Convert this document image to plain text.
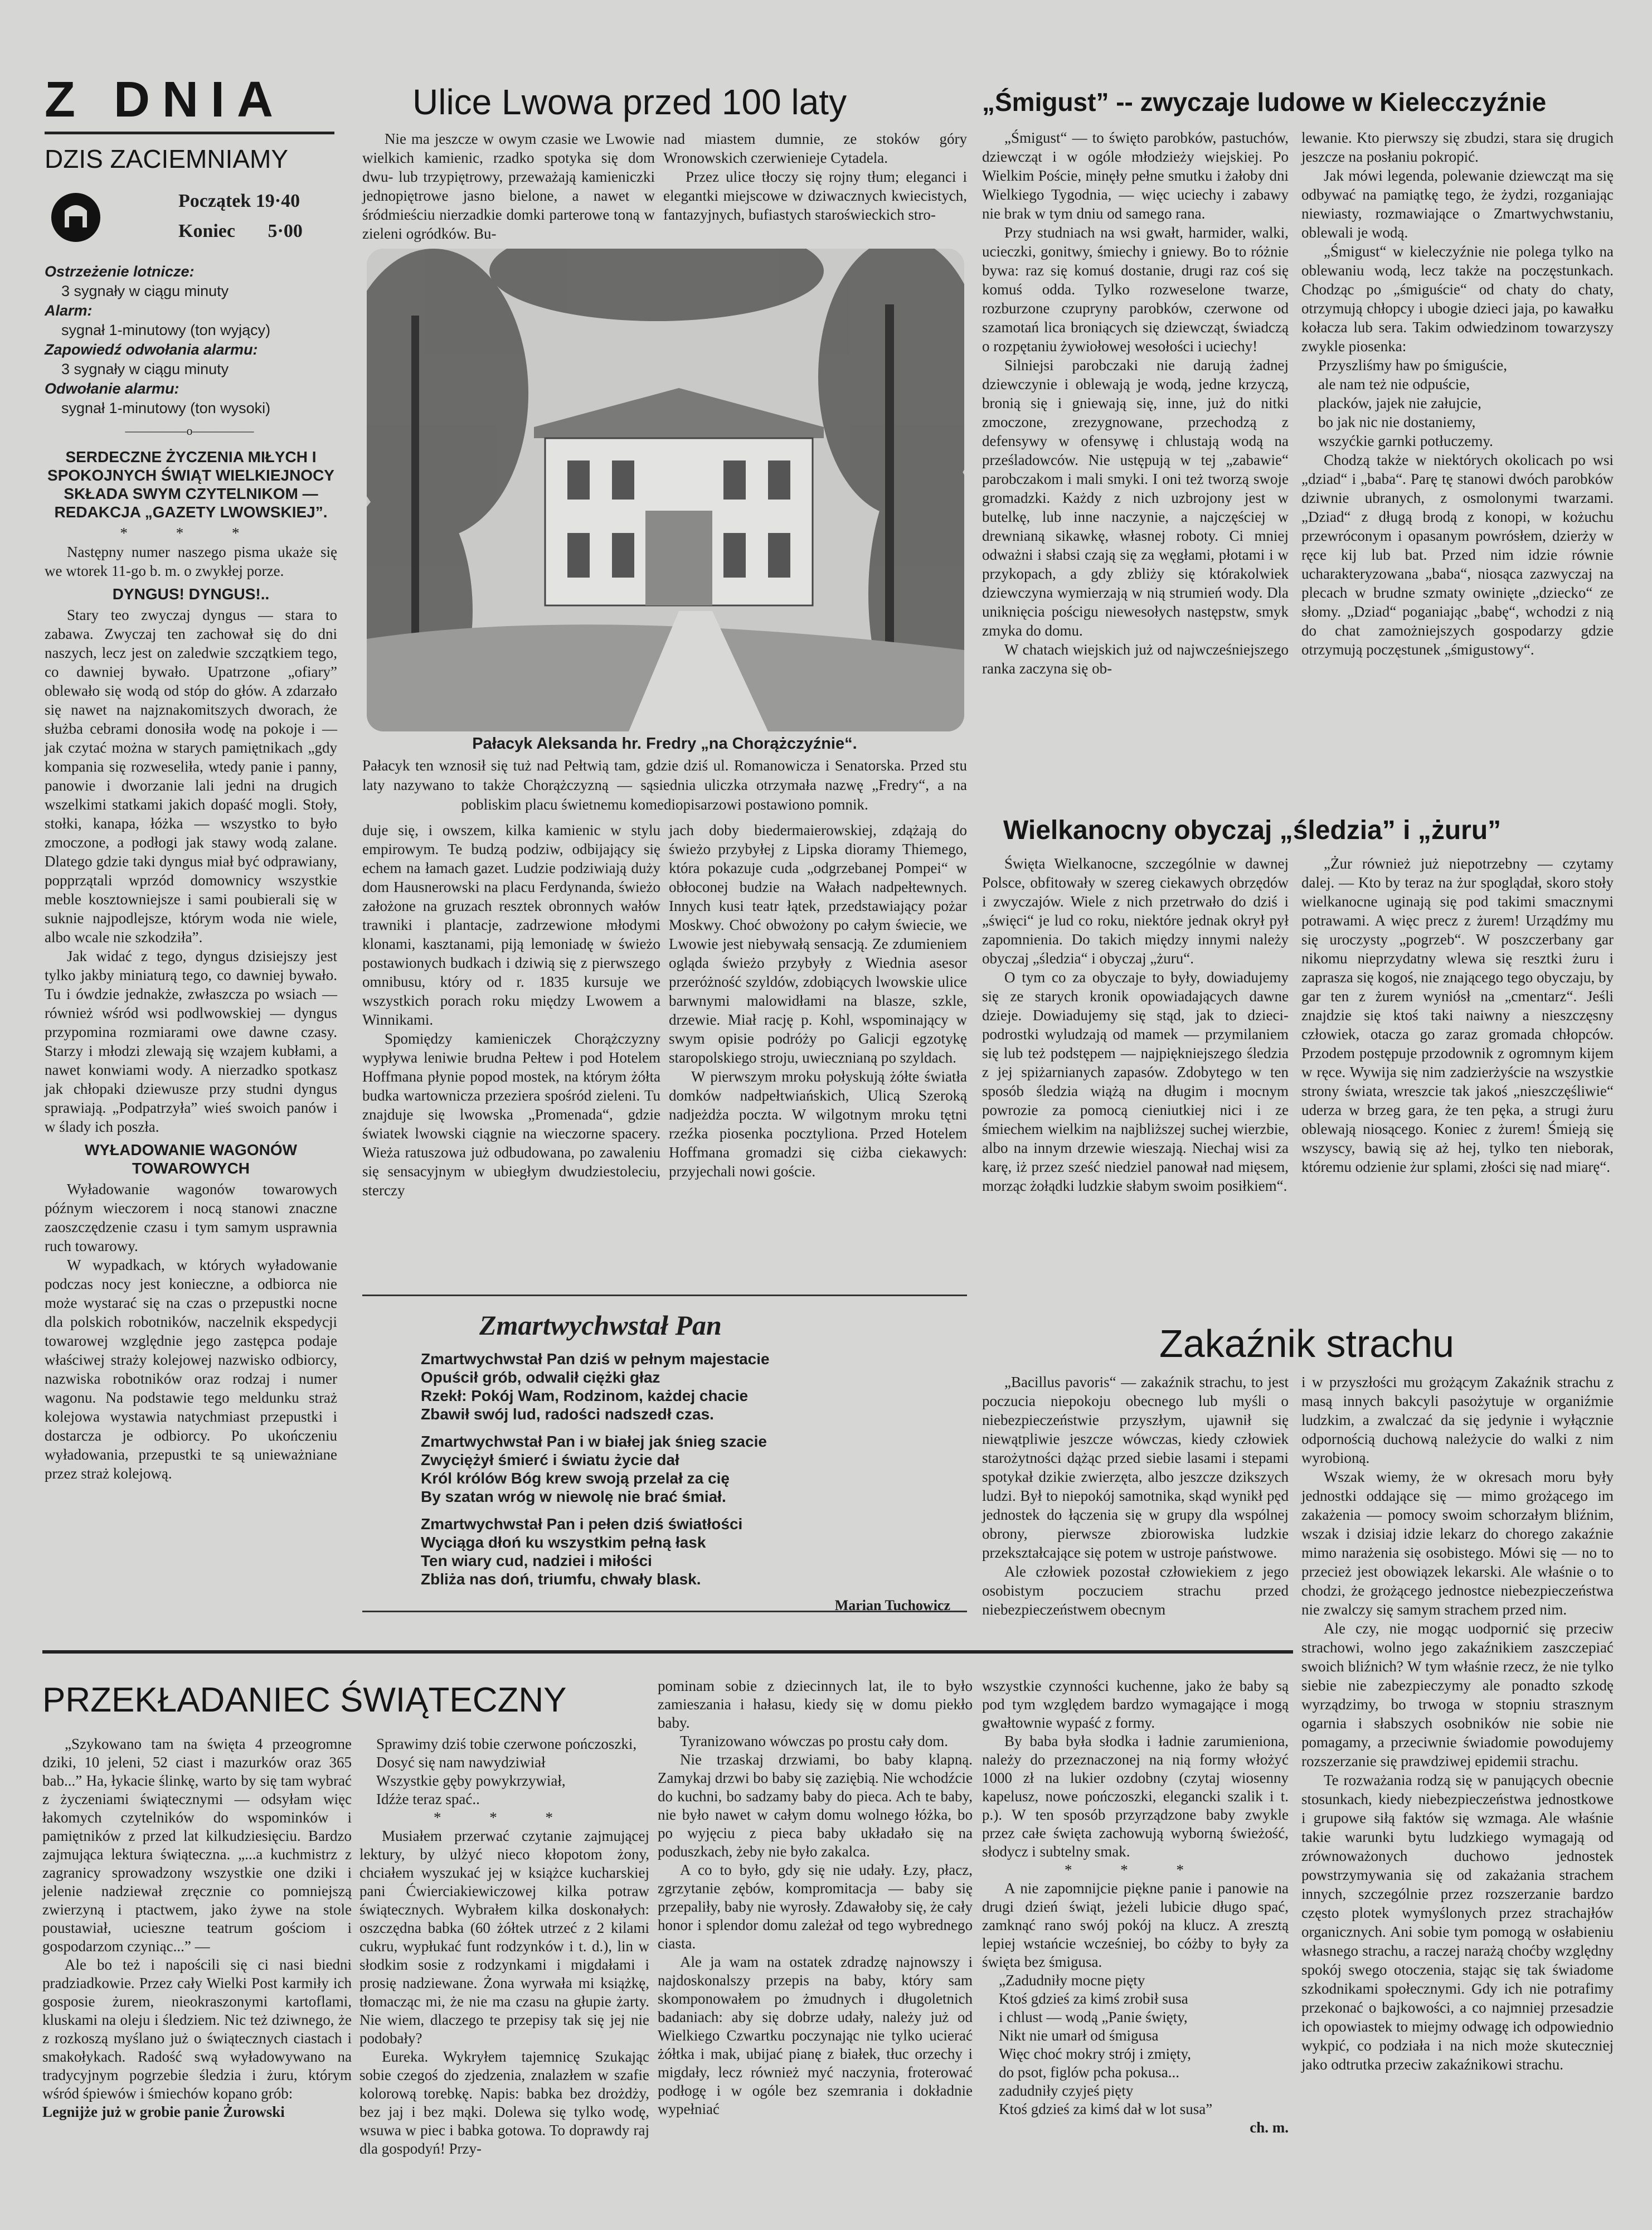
Z DNIA
DZIS ZACIEMNIAMY
Początek 19·40
Koniec 5·00
Ostrzeżenie lotnicze:
3 sygnały w ciągu minuty
Alarm:
sygnał 1-minutowy (ton wyjący)
Zapowiedź odwołania alarmu:
3 sygnały w ciągu minuty
Odwołanie alarmu:
sygnał 1-minutowy (ton wysoki)
—————o—————

SERDECZNE ŻYCZENIA MIŁYCH I SPOKOJNYCH ŚWIĄT WIELKIEJNOCY SKŁADA SWYM CZYTELNIKOM — REDAKCJA „GAZETY LWOWSKIEJ”.

* * *

Następny numer naszego pisma ukaże się we wtorek 11-go b. m. o zwykłej porze.

DYNGUS! DYNGUS!..

Stary teo zwyczaj dyngus — stara to zabawa. Zwyczaj ten zachował się do dni naszych, lecz jest on zaledwie szczątkiem tego, co dawniej bywało. Upatrzone „ofiary” oblewało się wodą od stóp do głów. A zdarzało się nawet na najznakomitszych dworach, że służba cebrami donosiła wodę na pokoje i — jak czytać można w starych pamiętnikach „gdy kompania się rozweseliła, wtedy panie i panny, panowie i dworzanie lali jedni na drugich wszelkimi statkami jakich dopaść mogli. Stoły, stołki, kanapa, łóżka — wszystko to było zmoczone, a podłogi jak stawy wodą zalane. Dlatego gdzie taki dyngus miał być odprawiany, popprzątali wprzód domownicy wszystkie meble kosztowniejsze i sami poubierali się w suknie najpodlejsze, którym woda nie wiele, albo wcale nie szkodziła”.

Jak widać z tego, dyngus dzisiejszy jest tylko jakby miniaturą tego, co dawniej bywało. Tu i ówdzie jednakże, zwłaszcza po wsiach — również wśród wsi podlwowskiej — dyngus przypomina rozmiarami owe dawne czasy. Starzy i młodzi zlewają się wzajem kubłami, a nawet konwiami wody. A nierzadko spotkasz jak chłopaki dziewusze przy studni dyngus sprawiają. „Podpatrzyła” wieś swoich panów i w ślady ich poszła.

WYŁADOWANIE WAGONÓW TOWAROWYCH

Wyładowanie wagonów towarowych późnym wieczorem i nocą stanowi znaczne zaoszczędzenie czasu i tym samym usprawnia ruch towarowy.

W wypadkach, w których wyładowanie podczas nocy jest konieczne, a odbiorca nie może wystarać się na czas o przepustki nocne dla polskich robotników, naczelnik ekspedycji towarowej względnie jego zastępca podaje właściwej straży kolejowej nazwisko odbiorcy, nazwiska robotników oraz rodzaj i numer wagonu. Na podstawie tego meldunku straż kolejowa wystawia natychmiast przepustki i dostarcza je odbiorcy. Po ukończeniu wyładowania, przepustki te są unieważniane przez straż kolejową.

Ulice Lwowa przed 100 laty

Nie ma jeszcze w owym czasie we Lwowie wielkich kamienic, rzadko spotyka się dom dwu- lub trzypiętrowy, przeważają kamieniczki jednopiętrowe jasno bielone, a nawet w śródmieściu nierzadkie domki parterowe toną w zieleni ogródków. Bu-

nad miastem dumnie, ze stoków góry Wronowskich czerwienieje Cytadela.

Przez ulice tłoczy się rojny tłum; eleganci i elegantki miejscowe w dziwacznych kwiecistych, fantazyjnych, bufiastych staroświeckich stro-

Pałacyk Aleksanda hr. Fredry „na Chorążczyźnie“.
Pałacyk ten wznosił się tuż nad Pełtwią tam, gdzie dziś ul. Romanowicza i Senatorska. Przed stu laty nazywano to także Chorążczyzną — sąsiednia uliczka otrzymała nazwę „Fredry“, a na pobliskim placu świetnemu komediopisarzowi postawiono pomnik.

duje się, i owszem, kilka kamienic w stylu empirowym. Te budzą podziw, odbijający się echem na łamach gazet. Ludzie podziwiają duży dom Hausnerowski na placu Ferdynanda, świeżo założone na gruzach resztek obronnych wałów trawniki i plantacje, zadrzewione młodymi klonami, kasztanami, piją lemoniadę w świeżo postawionych budkach i dziwią się z pierwszego omnibusu, który od r. 1835 kursuje we wszystkich porach roku między Lwowem a Winnikami.

Spomiędzy kamieniczek Chorążczyzny wypływa leniwie brudna Pełtew i pod Hotelem Hoffmana płynie popod mostek, na którym żółta budka wartownicza przeziera spośród zieleni. Tu znajduje się lwowska „Promenada“, gdzie światek lwowski ciągnie na wieczorne spacery. Wieża ratuszowa już odbudowana, po zawaleniu się sensacyjnym w ubiegłym dwudziestoleciu, sterczy

jach doby biedermaierowskiej, zdążają do świeżo przybyłej z Lipska dioramy Thiemego, która pokazuje cuda „odgrzebanej Pompei“ w obłoconej budzie na Wałach nadpełtewnych. Innych kusi teatr łątek, przedstawiający pożar Moskwy. Choć obwożony po całym świecie, we Lwowie jest niebywałą sensacją. Ze zdumieniem ogląda świeżo przybyły z Wiednia asesor przeróżność szyldów, zdobiących lwowskie ulice barwnymi malowidłami na blasze, szkle, drzewie. Miał rację p. Kohl, wspominający w swym opisie podróży po Galicji egzotykę staropolskiego stroju, uwiecznianą po szyldach.

W pierwszym mroku połyskują żółte światła domków nadpełtwiańskich, Ulicą Szeroką nadjeżdża poczta. W wilgotnym mroku tętni rzeźka piosenka pocztyliona. Przed Hotelem Hoffmana gromadzi się ciżba ciekawych: przyjechali nowi goście.

Zmartwychwstał Pan
Zmartwychwstał Pan dziś w pełnym majestacie
Opuścił grób, odwalił ciężki głaz
Rzekł: Pokój Wam, Rodzinom, każdej chacie
Zbawił swój lud, radości nadszedł czas.
Zmartwychwstał Pan i w białej jak śnieg szacie
Zwyciężył śmierć i światu życie dał
Król królów Bóg krew swoją przelał za cię
By szatan wróg w niewolę nie brać śmiał.
Zmartwychwstał Pan i pełen dziś światłości
Wyciąga dłoń ku wszystkim pełną łask
Ten wiary cud, nadziei i miłości
Zbliża nas doń, triumfu, chwały blask.
Marian Tuchowicz
„Śmigust” -- zwyczaje ludowe w Kielecczyźnie

„Śmigust“ — to święto parobków, pastuchów, dziewcząt i w ogóle młodzieży wiejskiej. Po Wielkim Poście, minęły pełne smutku i żałoby dni Wielkiego Tygodnia, — więc uciechy i zabawy nie brak w tym dniu od samego rana.

Przy studniach na wsi gwałt, harmider, walki, ucieczki, gonitwy, śmiechy i gniewy. Bo to różnie bywa: raz się komuś dostanie, drugi raz coś się komuś odda. Tylko rozweselone twarze, rozburzone czupryny parobków, czerwone od szamotań lica broniących się dziewcząt, świadczą o rozpętaniu żywiołowej wesołości i uciechy!

Silniejsi parobczaki nie darują żadnej dziewczynie i oblewają je wodą, jedne krzyczą, bronią się i gniewają się, inne, już do nitki zmoczone, zrezygnowane, przechodzą z defensywy w ofensywę i chlustają wodą na prześladowców. Nie ustępują w tej „zabawie“ parobczakom i mali smyki. I oni też tworzą swoje gromadzki. Każdy z nich uzbrojony jest w butelkę, lub inne naczynie, a najczęściej w drewnianą sikawkę, własnej roboty. Ci mniej odważni i słabsi czają się za węgłami, płotami i w przykopach, a gdy zbliży się którakolwiek dziewczyna wymierzają w nią strumień wody. Dla uniknięcia pościgu niewesołych następstw, smyk zmyka do domu.

W chatach wiejskich już od najwcześniejszego ranka zaczyna się ob-

lewanie. Kto pierwszy się zbudzi, stara się drugich jeszcze na posłaniu pokropić.

Jak mówi legenda, polewanie dziewcząt ma się odbywać na pamiątkę tego, że żydzi, rozganiając niewiasty, rozmawiające o Zmartwychwstaniu, oblewali je wodą.

„Śmigust“ w kieleczyźnie nie polega tylko na oblewaniu wodą, lecz także na poczęstunkach. Chodząc po „śmiguście“ od chaty do chaty, otrzymują chłopcy i ubogie dzieci jaja, po kawałku kołacza lub sera. Takim odwiedzinom towarzyszy zwykle piosenka:

Przyszliśmy haw po śmiguście,

ale nam też nie odpuście,

placków, jajek nie załujcie,

bo jak nic nie dostaniemy,

wszyćkie garnki potłuczemy.

Chodzą także w niektórych okolicach po wsi „dziad“ i „baba“. Parę tę stanowi dwóch parobków dziwnie ubranych, z osmolonymi twarzami. „Dziad“ z długą brodą z konopi, w kożuchu przewróconym i opasanym powrósłem, dzierży w ręce kij lub bat. Przed nim idzie równie ucharakteryzowana „baba“, niosąca zazwyczaj na plecach w brudne szmaty owinięte „dziecko“ ze słomy. „Dziad“ poganiając „babę“, wchodzi z nią do chat zamożniejszych gospodarzy gdzie otrzymują poczęstunek „śmigustowy“.

Wielkanocny obyczaj „śledzia” i „żuru”

Święta Wielkanocne, szczególnie w dawnej Polsce, obfitowały w szereg ciekawych obrzędów i zwyczajów. Wiele z nich przetrwało do dziś i „święci“ je lud co roku, niektóre jednak okrył pył zapomnienia. Do takich między innymi należy obyczaj „śledzia“ i obyczaj „żuru“.

O tym co za obyczaje to były, dowiadujemy się ze starych kronik opowiadających dawne dzieje. Dowiadujemy się stąd, jak to dzieci-podrostki wyludzają od mamek — przymilaniem się lub też podstępem — najpiękniejszego śledzia z jej spiżarnianych zapasów. Zdobytego w ten sposób śledzia wiążą na długim i mocnym powrozie za pomocą cieniutkiej nici i ze śmiechem wielkim na najbliższej suchej wierzbie, albo na innym drzewie wieszają. Niechaj wisi za karę, iż przez sześć niedziel panował nad mięsem, morząc żołądki ludzkie słabym swoim posiłkiem“.

„Żur również już niepotrzebny — czytamy dalej. — Kto by teraz na żur spoglądał, skoro stoły wielkanocne uginają się pod takimi smacznymi potrawami. A więc precz z żurem! Urządźmy mu się uroczysty „pogrzeb“. W poszczerbany gar nikomu nieprzydatny wlewa się resztki żuru i zaprasza się kogoś, nie znającego tego obyczaju, by gar ten z żurem wyniósł na „cmentarz“. Jeśli znajdzie się ktoś taki naiwny a nieszczęsny człowiek, otacza go zaraz gromada chłopców. Przodem postępuje przodownik z ogromnym kijem w ręce. Wywija się nim zadzierżyście na wszystkie strony świata, wreszcie tak jakoś „nieszczęśliwie“ uderza w brzeg gara, że ten pęka, a strugi żuru oblewają niosącego. Koniec z żurem! Śmieją się wszyscy, bawią się aż hej, tylko ten nieborak, któremu odzienie żur splami, złości się nad miarę“.

Zakaźnik strachu

„Bacillus pavoris“ — zakaźnik strachu, to jest poczucia niepokoju obecnego lub myśli o niebezpieczeństwie przyszłym, ujawnił się niewątpliwie jeszcze wówczas, kiedy człowiek starożytności dążąc przed siebie lasami i stepami spotykał dzikie zwierzęta, albo jeszcze dzikszych ludzi. Był to niepokój samotnika, skąd wynikł pęd jednostek do łączenia się w grupy dla wspólnej obrony, pierwsze zbiorowiska ludzkie przekształcające się potem w ustroje państwowe.

Ale człowiek pozostał człowiekiem z jego osobistym poczuciem strachu przed niebezpieczeństwem obecnym

i w przyszłości mu grożącym Zakaźnik strachu z masą innych bakcyli pasożytuje w organiźmie ludzkim, a zwalczać da się jedynie i wyłącznie odpornością duchową należycie do walki z nim wyrobioną.

Wszak wiemy, że w okresach moru były jednostki oddające się — mimo grożącego im zakażenia — pomocy swoim schorzałym bliźnim, wszak i dzisiaj idzie lekarz do chorego zakaźnie mimo narażenia się osobistego. Mówi się — no to przecież jest obowiązek lekarski. Ale właśnie o to chodzi, że grożącego jednostce niebezpieczeństwa nie zwalczy się samym strachem przed nim.

Ale czy, nie mogąc uodpornić się przeciw strachowi, wolno jego zakaźnikiem zaszczepiać swoich bliźnich? W tym właśnie rzecz, że nie tylko siebie nie zabezpieczymy ale ponadto szkodę wyrządzimy, bo trwoga w stopniu strasznym ogarnia i słabszych osobników nie sobie nie pomagamy, a przeciwnie świadomie powodujemy rozszerzanie się prawdziwej epidemii strachu.

Te rozważania rodzą się w panujących obecnie stosunkach, kiedy niebezpieczeństwa jednostkowe i grupowe siłą faktów się wzmaga. Ale właśnie takie warunki bytu ludzkiego wymagają od zrównoważonych duchowo jednostek powstrzymywania się od zakażania strachem innych, szczególnie przez rozszerzanie bardzo często plotek wymyślonych przez strachajłów organicznych. Ani sobie tym pomogą w osłabieniu własnego strachu, a raczej narażą choćby względny spokój swego otoczenia, stając się tak świadome szkodnikami społecznymi. Gdy ich nie potrafimy przekonać o bajkowości, a co najmniej przesadzie ich opowiastek to miejmy odwagę ich odpowiednio wykpić, co podziała i na nich może skuteczniej jako odtrutka przeciw zakaźnikowi strachu.

PRZEKŁADANIEC ŚWIĄTECZNY

„Szykowano tam na święta 4 przeogromne dziki, 10 jeleni, 52 ciast i mazurków oraz 365 bab...” Ha, łykacie ślinkę, warto by się tam wybrać z życzeniami świątecznymi — odsyłam więc łakomych czytelników do wspominków i pamiętników z przed lat kilkudziesięciu. Bardzo zajmująca lektura świąteczna. „...a kuchmistrz z zagranicy sprowadzony wszystkie one dziki i jelenie nadziewał zręcznie co pomniejszą zwierzyną i ptactwem, jako żywe na stole poustawiał, ucieszne teatrum gościom i gospodarzom czyniąc...” —

Ale bo też i napościli się ci nasi biedni pradziadkowie. Przez cały Wielki Post karmiły ich gosposie żurem, nieokraszonymi kartoflami, kluskami na oleju i śledziem. Nic też dziwnego, że z rozkoszą myślano już o świątecznych ciastach i smakołykach. Radość swą wyładowywano na tradycyjnym pogrzebie śledzia i żuru, którym wśród śpiewów i śmiechów kopano grób:

Legnijże już w grobie panie Żurowski

Sprawimy dziś tobie czerwone pończoszki,

Dosyć się nam nawydziwiał

Wszystkie gęby powykrzywiał,

Idźże teraz spać..

* * *

Musiałem przerwać czytanie zajmującej lektury, by ulżyć nieco kłopotom żony, chciałem wyszukać jej w książce kucharskiej pani Ćwierciakiewiczowej kilka potraw świątecznych. Wybrałem kilka doskonałych: oszczędna babka (60 żółtek utrzeć z 2 kilami cukru, wypłukać funt rodzynków i t. d.), lin w słodkim sosie z rodzynkami i migdałami i prosię nadziewane. Żona wyrwała mi książkę, tłomacząc mi, że nie ma czasu na głupie żarty. Nie wiem, dlaczego te przepisy tak się jej nie podobały?

Eureka. Wykryłem tajemnicę Szukając sobie czegoś do zjedzenia, znalazłem w szafie kolorową torebkę. Napis: babka bez drożdży, bez jaj i bez mąki. Dolewa się tylko wodę, wsuwa w piec i babka gotowa. To doprawdy raj dla gospodyń! Przy-

pominam sobie z dziecinnych lat, ile to było zamieszania i hałasu, kiedy się w domu piekło baby.

Tyranizowano wówczas po prostu cały dom.

Nie trzaskaj drzwiami, bo baby klapną. Zamykaj drzwi bo baby się zaziębią. Nie wchodźcie do kuchni, bo sadzamy baby do pieca. Ach te baby, nie było nawet w całym domu wolnego łóżka, bo po wyjęciu z pieca baby układało się na poduszkach, żeby nie było zakalca.

A co to było, gdy się nie udały. Łzy, płacz, zgrzytanie zębów, kompromitacja — baby się przepaliły, baby nie wyrosły. Zdawałoby się, że cały honor i splendor domu zależał od tego wybrednego ciasta.

Ale ja wam na ostatek zdradzę najnowszy i najdoskonalszy przepis na baby, który sam skomponowałem po żmudnych i długoletnich badaniach: aby się dobrze udały, należy już od Wielkiego Czwartku poczynając nie tylko ucierać żółtka i mak, ubijać pianę z białek, tłuc orzechy i migdały, lecz również myć naczynia, froterować podłogę i w ogóle bez szemrania i dokładnie wypełniać

wszystkie czynności kuchenne, jako że baby są pod tym względem bardzo wymagające i mogą gwałtownie wypaść z formy.

By baba była słodka i ładnie zarumieniona, należy do przeznaczonej na nią formy włożyć 1000 zł na lukier ozdobny (czytaj wiosenny kapelusz, nowe pończoszki, elegancki szalik i t. p.). W ten sposób przyrządzone baby zwykle przez całe święta zachowują wyborną świeżość, słodycz i subtelny smak.

* * *

A nie zapomnijcie piękne panie i panowie na drugi dzień świąt, jeżeli lubicie długo spać, zamknąć rano swój pokój na klucz. A zresztą lepiej wstańcie wcześniej, bo cóżby to były za święta bez śmigusa.

„Zadudniły mocne pięty

Ktoś gdzieś za kimś zrobił susa

i chlust — wodą „Panie święty,

Nikt nie umarł od śmigusa

Więc choć mokry strój i zmięty,

do psot, figlów pcha pokusa...

zadudniły czyjeś pięty

Ktoś gdzieś za kimś dał w lot susa”

ch. m.
